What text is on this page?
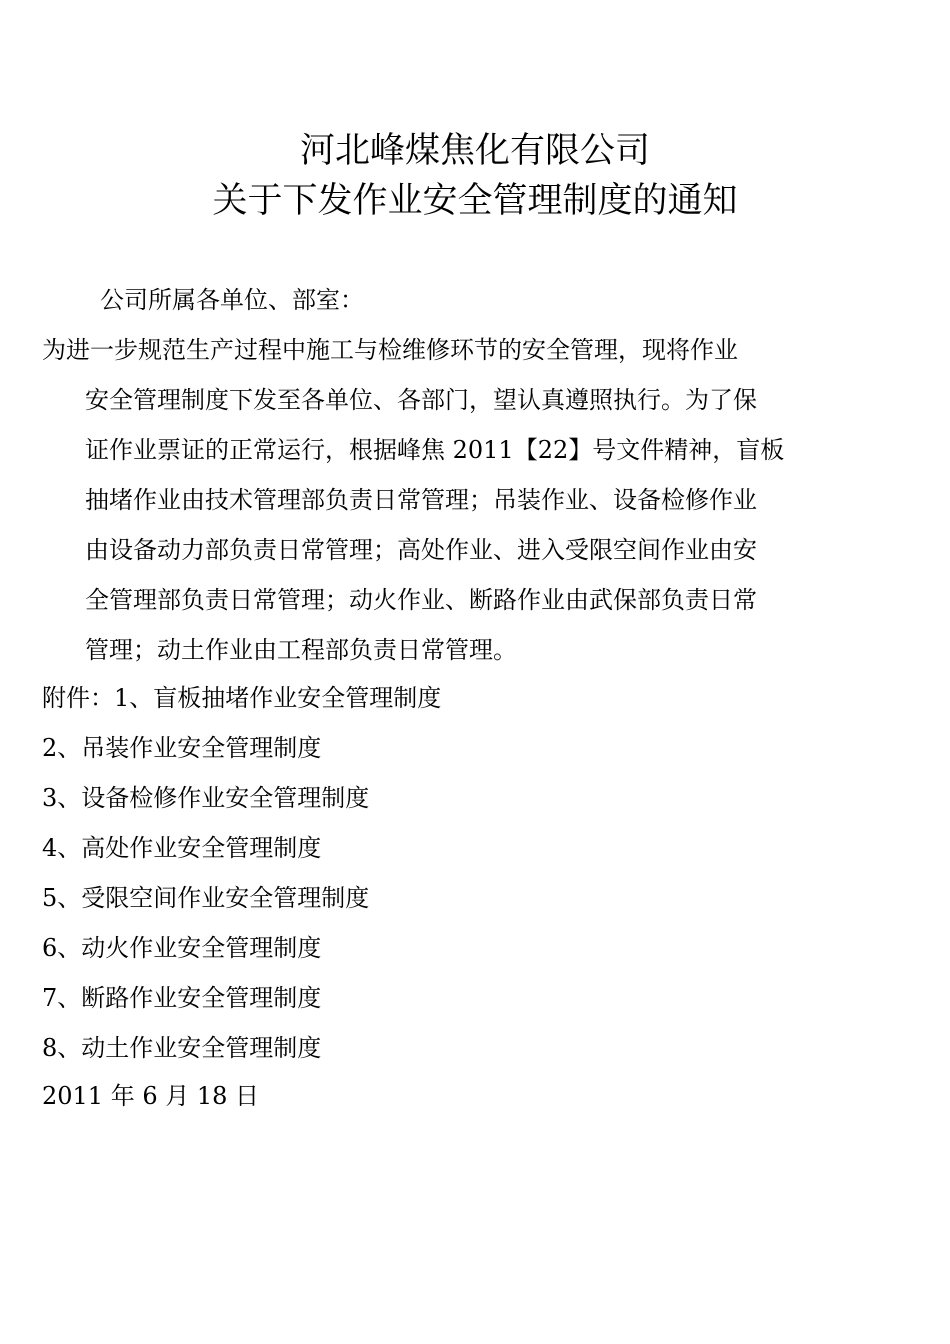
河北峰煤焦化有限公司
关于下发作业安全管理制度的通知
公司所属各单位、部室：
为进一步规范生产过程中施工与检维修环节的安全管理，现将作业
安全管理制度下发至各单位、各部门，望认真遵照执行。为了保
证作业票证的正常运行，根据峰焦 2011【22】号文件精神，盲板
抽堵作业由技术管理部负责日常管理；吊装作业、设备检修作业
由设备动力部负责日常管理；高处作业、进入受限空间作业由安
全管理部负责日常管理；动火作业、断路作业由武保部负责日常
管理；动土作业由工程部负责日常管理。
附件：1、盲板抽堵作业安全管理制度
2、吊装作业安全管理制度
3、设备检修作业安全管理制度
4、高处作业安全管理制度
5、受限空间作业安全管理制度
6、动火作业安全管理制度
7、断路作业安全管理制度
8、动土作业安全管理制度
2011 年 6 月 18 日
